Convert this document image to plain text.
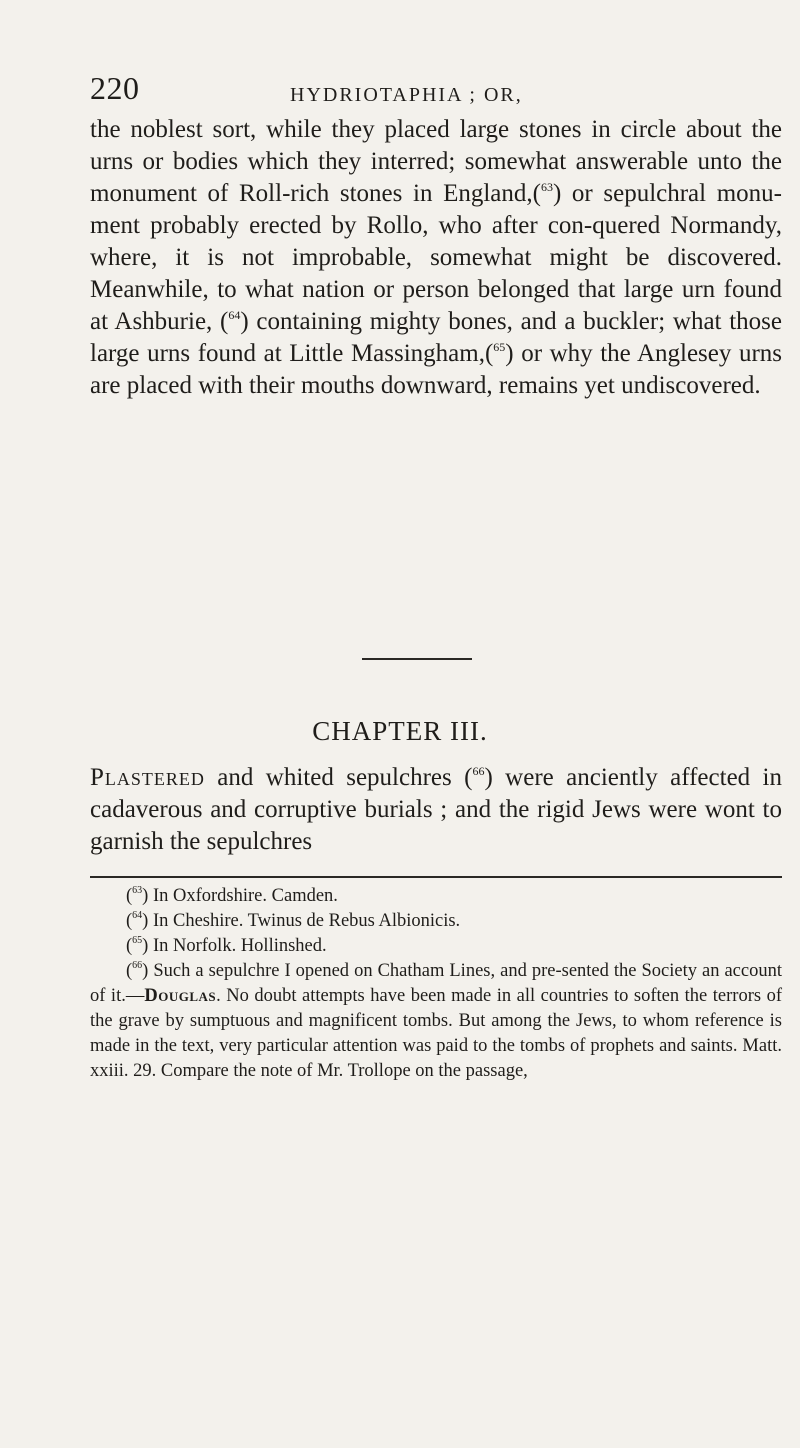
220	HYDRIOTAPHIA ; OR,

the noblest sort, while they placed large stones in circle about the urns or bodies which they interred; somewhat answerable unto the monument of Roll-rich stones in England,($^{63}$) or sepulchral monu-ment probably erected by Rollo, who after con-quered Normandy, where, it is not improbable, somewhat might be discovered. Meanwhile, to what nation or person belonged that large urn found at Ashburie, ($^{64}$) containing mighty bones, and a buckler; what those large urns found at Little Massingham,($^{65}$) or why the Anglesey urns are placed with their mouths downward, remains yet undiscovered.

CHAPTER III.

Plastered and whited sepulchres ($^{66}$) were anciently affected in cadaverous and corruptive burials ; and the rigid Jews were wont to garnish the sepulchres

($^{63}$) In Oxfordshire. Camden.

($^{64}$) In Cheshire. Twinus de Rebus Albionicis.

($^{65}$) In Norfolk. Hollinshed.

($^{66}$) Such a sepulchre I opened on Chatham Lines, and pre-sented the Society an account of it.—Douglas. No doubt attempts have been made in all countries to soften the terrors of the grave by sumptuous and magnificent tombs. But among the Jews, to whom reference is made in the text, very particular attention was paid to the tombs of prophets and saints. Matt. xxiii. 29. Compare the note of Mr. Trollope on the passage,
